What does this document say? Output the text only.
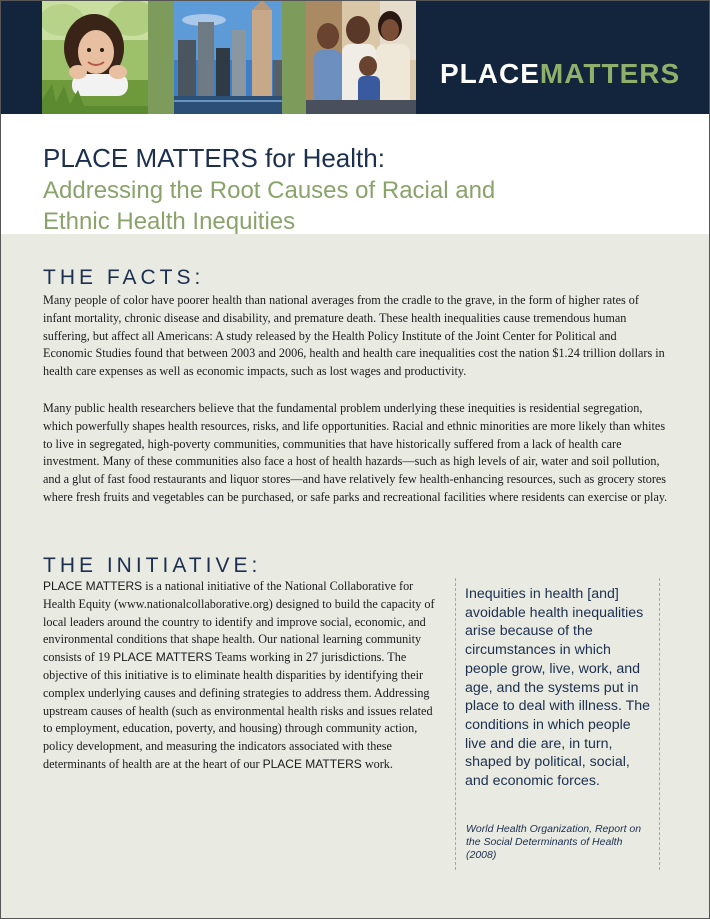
PLACEMATTERS
PLACE MATTERS for Health:
Addressing the Root Causes of Racial and Ethnic Health Inequities
THE FACTS:
Many people of color have poorer health than national averages from the cradle to the grave, in the form of higher rates of infant mortality, chronic disease and disability, and premature death. These health inequalities cause tremendous human suffering, but affect all Americans: A study released by the Health Policy Institute of the Joint Center for Political and Economic Studies found that between 2003 and 2006, health and health care inequalities cost the nation $1.24 trillion dollars in health care expenses as well as economic impacts, such as lost wages and productivity.
Many public health researchers believe that the fundamental problem underlying these inequities is residential segregation, which powerfully shapes health resources, risks, and life opportunities. Racial and ethnic minorities are more likely than whites to live in segregated, high-poverty communities, communities that have historically suffered from a lack of health care investment. Many of these communities also face a host of health hazards—such as high levels of air, water and soil pollution, and a glut of fast food restaurants and liquor stores—and have relatively few health-enhancing resources, such as grocery stores where fresh fruits and vegetables can be purchased, or safe parks and recreational facilities where residents can exercise or play.
THE INITIATIVE:
PLACE MATTERS is a national initiative of the National Collaborative for Health Equity (www.nationalcollaborative.org) designed to build the capacity of local leaders around the country to identify and improve social, economic, and environmental conditions that shape health. Our national learning community consists of 19 PLACE MATTERS Teams working in 27 jurisdictions. The objective of this initiative is to eliminate health disparities by identifying their complex underlying causes and defining strategies to address them. Addressing upstream causes of health (such as environmental health risks and issues related to employment, education, poverty, and housing) through community action, policy development, and measuring the indicators associated with these determinants of health are at the heart of our PLACE MATTERS work.
Inequities in health [and] avoidable health inequalities arise because of the circumstances in which people grow, live, work, and age, and the systems put in place to deal with illness. The conditions in which people live and die are, in turn, shaped by political, social, and economic forces.
World Health Organization, Report on the Social Determinants of Health (2008)
